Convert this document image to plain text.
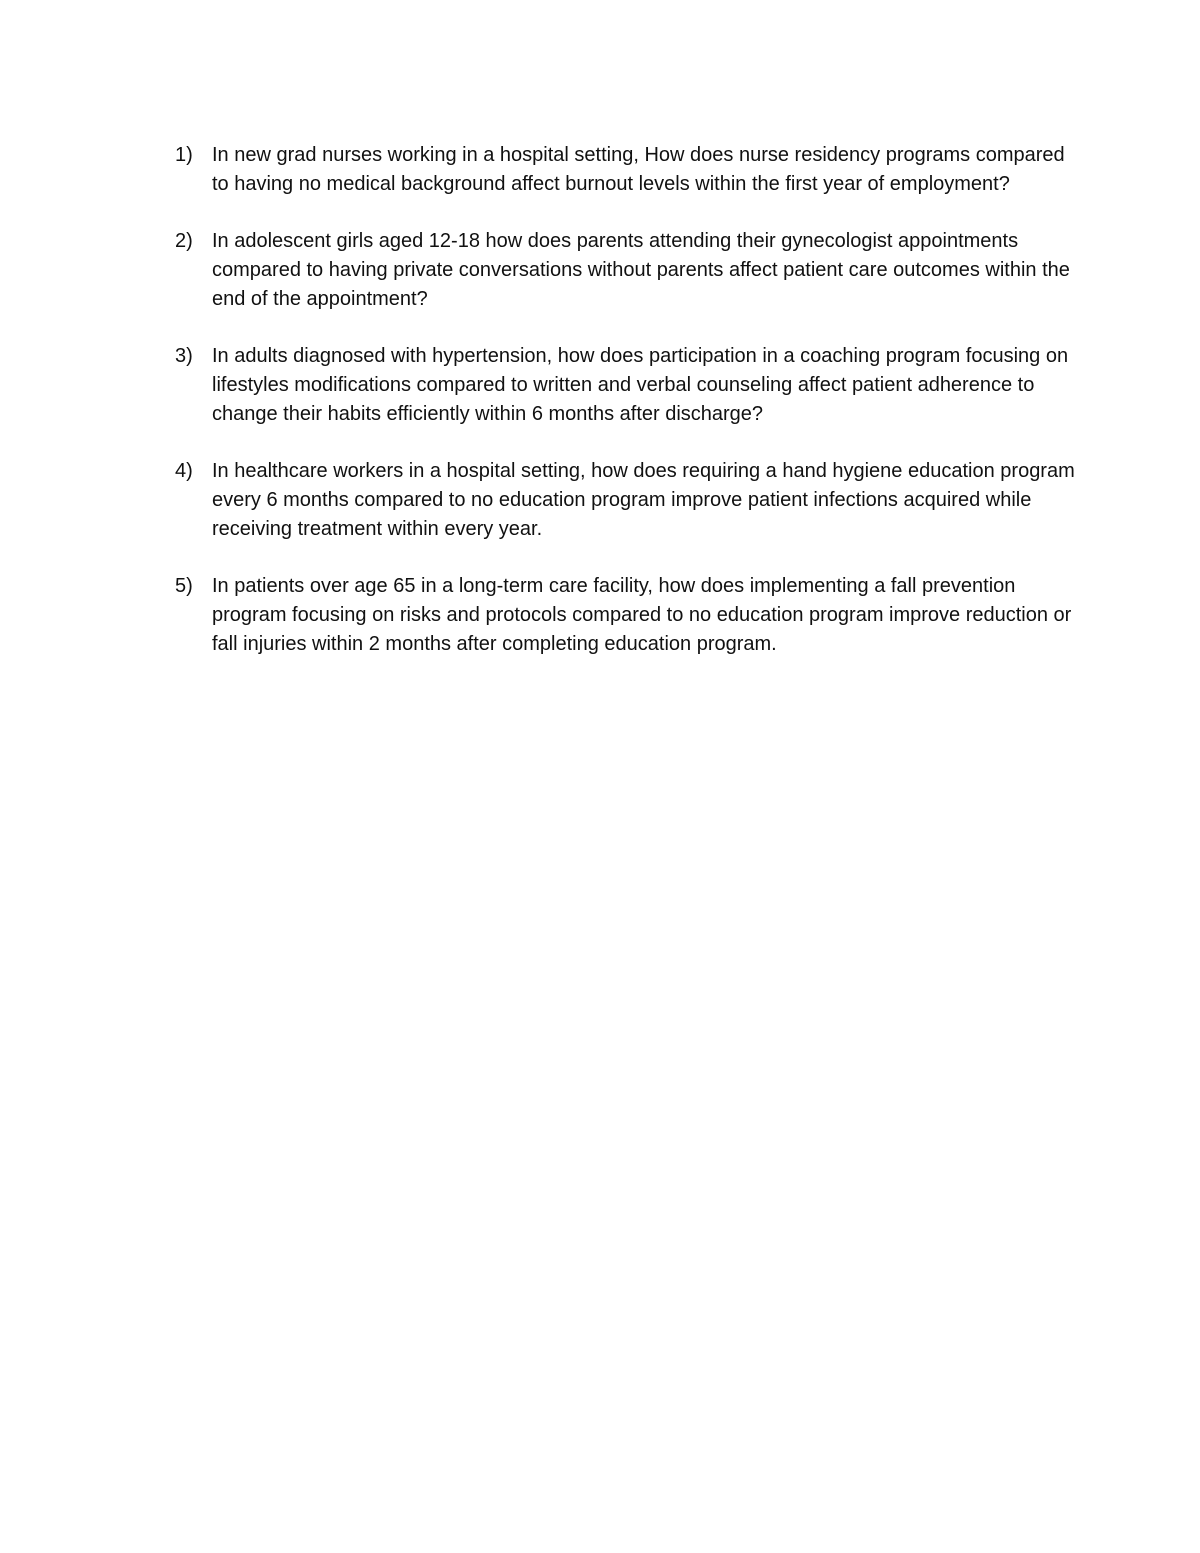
1) In new grad nurses working in a hospital setting, How does nurse residency programs compared to having no medical background affect burnout levels within the first year of employment?

2) In adolescent girls aged 12-18 how does parents attending their gynecologist appointments compared to having private conversations without parents affect patient care outcomes within the end of the appointment?

3) In adults diagnosed with hypertension, how does participation in a coaching program focusing on lifestyles modifications compared to written and verbal counseling affect patient adherence to change their habits efficiently within 6 months after discharge?

4) In healthcare workers in a hospital setting, how does requiring a hand hygiene education program every 6 months compared to no education program improve patient infections acquired while receiving treatment within every year.

5) In patients over age 65 in a long-term care facility, how does implementing a fall prevention program focusing on risks and protocols compared to no education program improve reduction or fall injuries within 2 months after completing education program.
